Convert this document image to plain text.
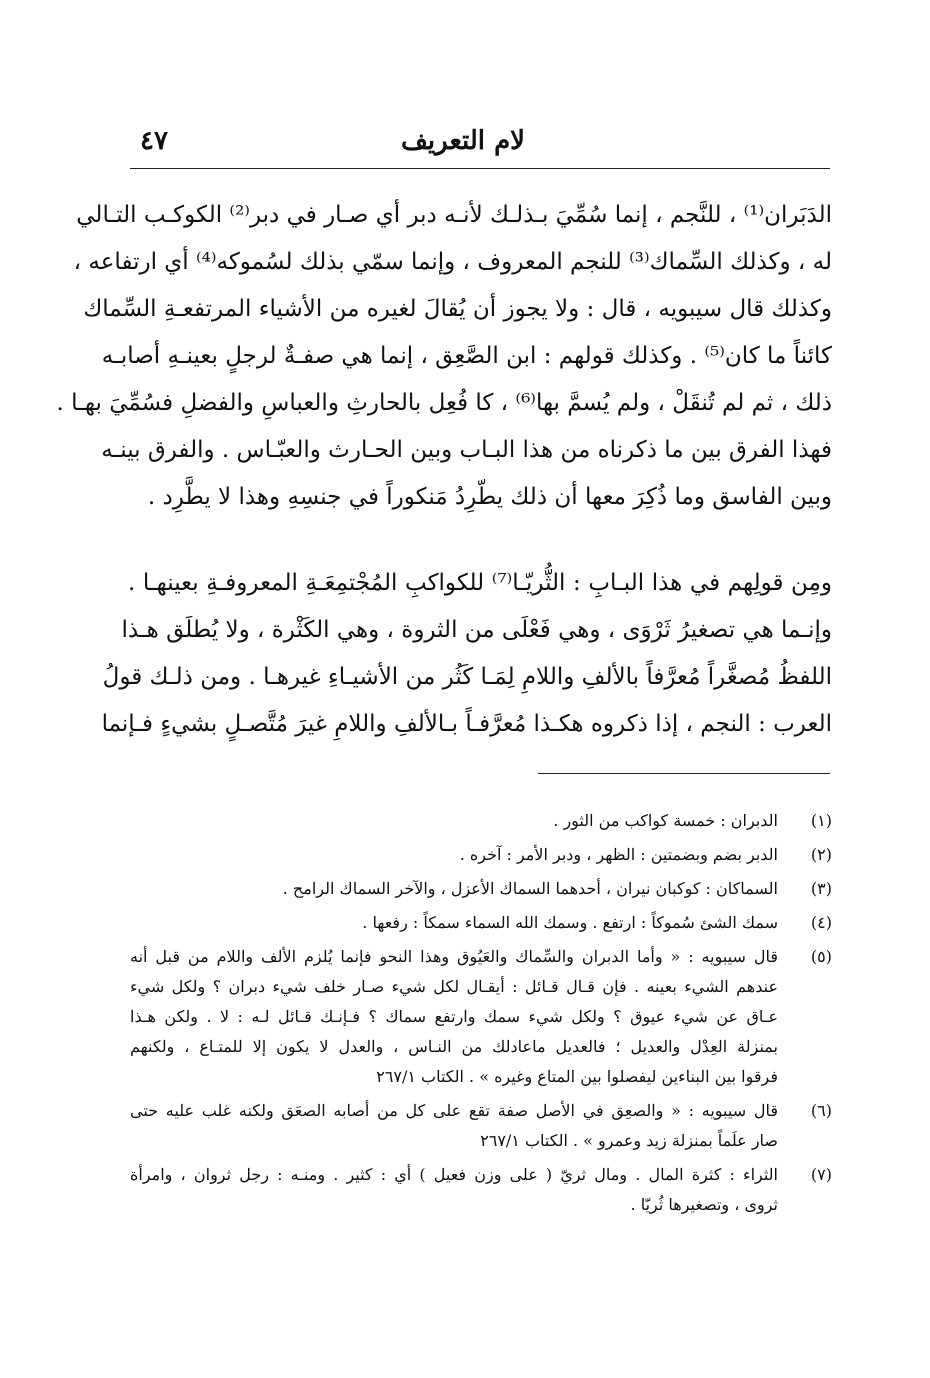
لام التعريف
٤٧
الدَبَران⁽¹⁾ ، للنَّجم ، إنما سُمِّيَ بـذلـك لأنـه دبر أي صـار في دبر⁽²⁾ الكوكـب التـالي
له ، وكذلك السِّماك⁽³⁾ للنجم المعروف ، وإنما سمّي بذلك لسُموكه⁽⁴⁾ أي ارتفاعه ،
وكذلك قال سيبويه ، قال : ولا يجوز أن يُقالَ لغيره من الأشياء المرتفعـةِ السِّماك
كائناً ما كان⁽⁵⁾ . وكذلك قولهم : ابن الصَّعِق ، إنما هي صفـةٌ لرجلٍ بعينـهِ أصابـه
ذلك ، ثم لم تُنقَلْ ، ولم يُسمَّ بها⁽⁶⁾ ، كا فُعِل بالحارثِ والعباسِ والفضلِ فسُمِّيَ بهـا .
فهذا الفرق بين ما ذكرناه من هذا البـاب وبين الحـارث والعبّـاس . والفرق بينـه
وبين الفاسق وما ذُكِرَ معها أن ذلك يطّرِدُ مَنكوراً في جنسِهِ وهذا لا يطَّرِد .
ومِن قولِهم في هذا البـابِ : الثُّريّـا⁽⁷⁾ للكواكبِ المُجْتمِعَـةِ المعروفـةِ بعينهـا .
وإنـما هي تصغيرُ ثَرْوَى ، وهي فَعْلَى من الثروة ، وهي الكَثْرة ، ولا يُطلَق هـذا
اللفظُ مُصغَّراً مُعرَّفاً بالألفِ واللامِ لِمَـا كَثُر من الأشيـاءِ غيرهـا . ومن ذلـك قولُ
العرب : النجم ، إذا ذكروه هكـذا مُعرَّفـاً بـالألفِ واللامِ غيرَ مُتَّصـلٍ بشيءٍ فـإنما
(١)
الدبران : خمسة كواكب من الثور .
(٢)
الدبر بضم وبضمتين : الظهر ، ودبر الأمر : آخره .
(٣)
السماكان : كوكبان نيران ، أحدهما السماك الأعزل ، والآخر السماك الرامح .
(٤)
سمك الشئ سُموكاً : ارتفع . وسمك الله السماء سمكاً : رفعها .
(٥)
قال سيبويه : « وأما الدبران والسِّماك والعَيُوق وهذا النحو فإنما يُلزم الألف واللام من قبل أنه
عندهم الشيء بعينه . فإن قـال قـائل : أيقـال لكل شيء صـار خلف شيء دبران ؟ ولكل شيء
عـاق عن شيء عيوق ؟ ولكل شيء سمك وارتفع سماك ؟ فـإنـك قـائل لـه : لا . ولكن هـذا
بمنزلة العِدْل والعديل ؛ فالعديل ماعادلك من النـاس ، والعدل لا يكون إلا للمتـاع ، ولكنهم
فرقوا بين البناءين ليفصلوا بين المتاع وغيره » . الكتاب ٢٦٧/١
(٦)
قال سيبويه : « والصعِق في الأصل صفة تقع على كل من أصابه الصعَق ولكنه غلب عليه حتى
صار علَماً بمنزلة زيد وعمرو » . الكتاب ٢٦٧/١
(٧)
الثراء : كثرة المال . ومال ثريّ ( على وزن فعيل ) أي : كثير . ومنـه : رجل ثروان ، وامرأة
ثروى ، وتصغيرها ثُريّا .
